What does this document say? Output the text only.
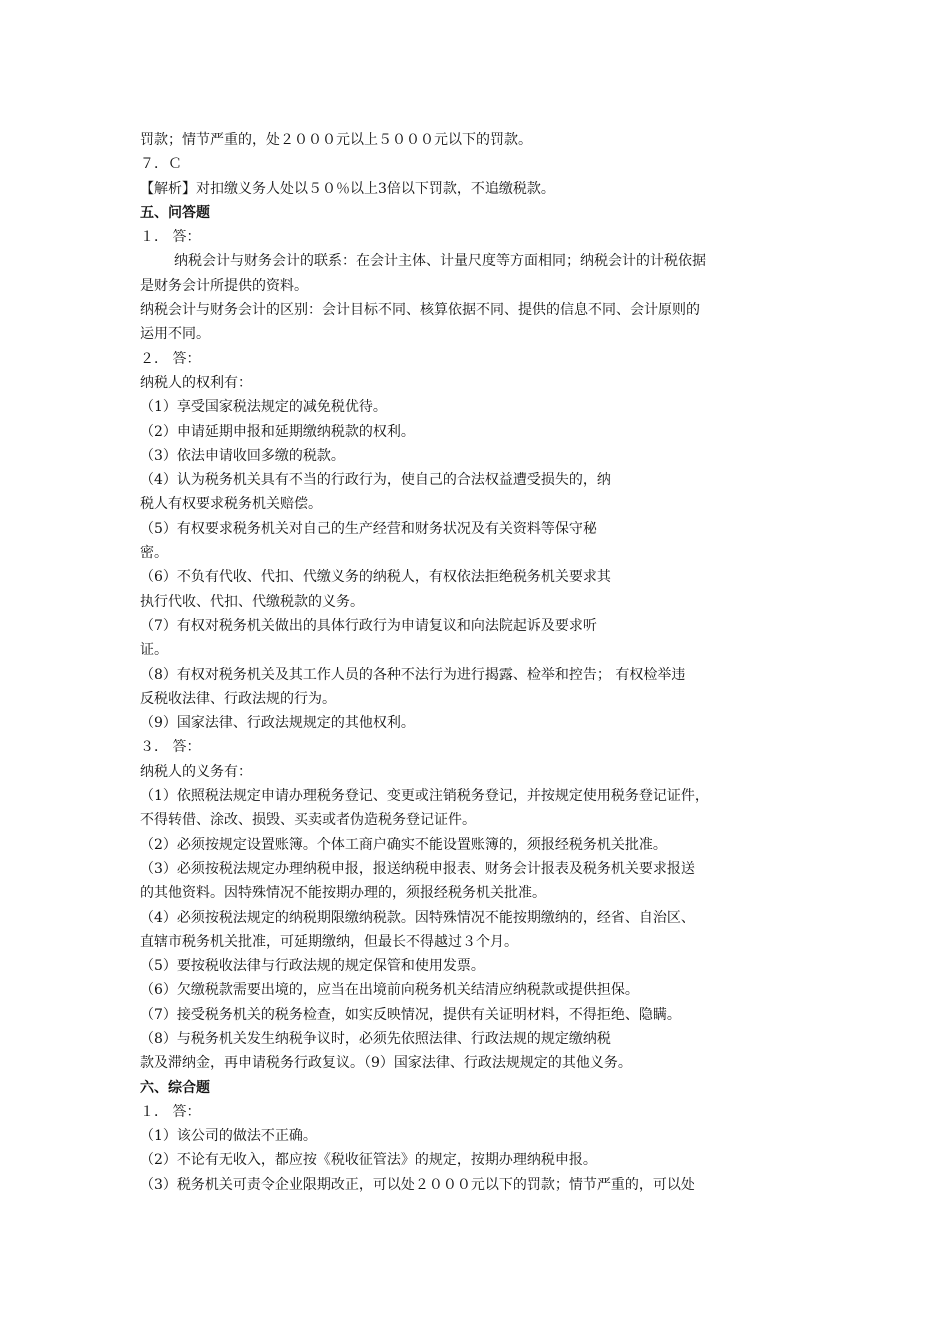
罚款；情节严重的，处２０００元以上５０００元以下的罚款。
７．Ｃ
【解析】对扣缴义务人处以５０％以上3倍以下罚款，不追缴税款。
五、问答题
１． 答：
纳税会计与财务会计的联系：在会计主体、计量尺度等方面相同；纳税会计的计税依据
是财务会计所提供的资料。
纳税会计与财务会计的区别：会计目标不同、核算依据不同、提供的信息不同、会计原则的
运用不同。
２． 答：
纳税人的权利有：
（1）享受国家税法规定的减免税优待。
（2）申请延期申报和延期缴纳税款的权利。
（3）依法申请收回多缴的税款。
（4）认为税务机关具有不当的行政行为，使自己的合法权益遭受损失的，纳
税人有权要求税务机关赔偿。
（5）有权要求税务机关对自己的生产经营和财务状况及有关资料等保守秘
密。
（6）不负有代收、代扣、代缴义务的纳税人，有权依法拒绝税务机关要求其
执行代收、代扣、代缴税款的义务。
（7）有权对税务机关做出的具体行政行为申请复议和向法院起诉及要求听
证。
（8）有权对税务机关及其工作人员的各种不法行为进行揭露、检举和控告； 有权检举违
反税收法律、行政法规的行为。
（9）国家法律、行政法规规定的其他权利。
３． 答：
纳税人的义务有：
（1）依照税法规定申请办理税务登记、变更或注销税务登记，并按规定使用税务登记证件，
不得转借、涂改、损毁、买卖或者伪造税务登记证件。
（2）必须按规定设置账簿。个体工商户确实不能设置账簿的，须报经税务机关批准。
（3）必须按税法规定办理纳税申报，报送纳税申报表、财务会计报表及税务机关要求报送
的其他资料。因特殊情况不能按期办理的，须报经税务机关批准。
（4）必须按税法规定的纳税期限缴纳税款。因特殊情况不能按期缴纳的，经省、自治区、
直辖市税务机关批准，可延期缴纳，但最长不得越过３个月。
（5）要按税收法律与行政法规的规定保管和使用发票。
（6）欠缴税款需要出境的，应当在出境前向税务机关结清应纳税款或提供担保。
（7）接受税务机关的税务检查，如实反映情况，提供有关证明材料，不得拒绝、隐瞒。
（8）与税务机关发生纳税争议时，必须先依照法律、行政法规的规定缴纳税
款及滞纳金，再申请税务行政复议。（9）国家法律、行政法规规定的其他义务。
六、综合题
１． 答：
（1）该公司的做法不正确。
（2）不论有无收入，都应按《税收征管法》的规定，按期办理纳税申报。
（3）税务机关可责令企业限期改正，可以处２０００元以下的罚款；情节严重的，可以处
